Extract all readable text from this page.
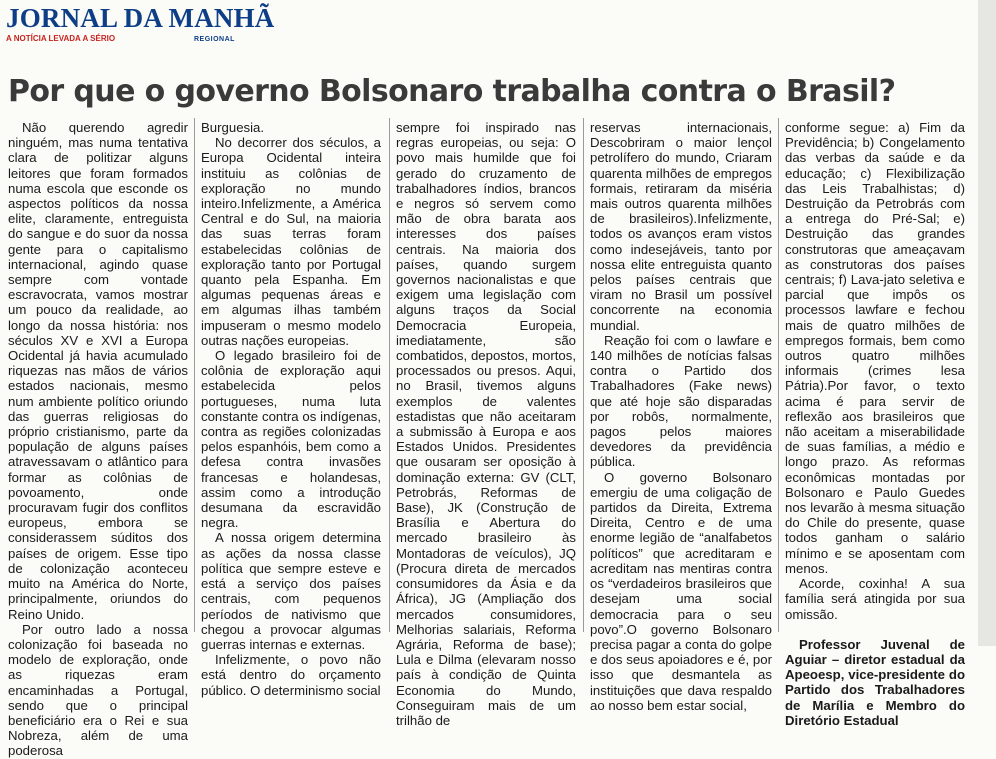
JORNAL DA MANHÃ
A NOTÍCIA LEVADA A SÉRIO	REGIONAL
Por que o governo Bolsonaro trabalha contra o Brasil?

Não querendo agredir ninguém, mas numa tentativa clara de politizar alguns leitores que foram formados numa escola que esconde os aspectos políticos da nossa elite, claramente, entreguista do sangue e do suor da nossa gente para o capitalismo internacional, agindo quase sempre com vontade escravocrata, vamos mostrar um pouco da realidade, ao longo da nossa história: nos séculos XV e XVI a Europa Ocidental já havia acumulado riquezas nas mãos de vários estados nacionais, mesmo num ambiente político oriundo das guerras religiosas do próprio cristianismo, parte da população de alguns países atravessavam o atlântico para formar as colônias de povoamento, onde procuravam fugir dos conflitos europeus, embora se considerassem súditos dos países de origem. Esse tipo de colonização aconteceu muito na América do Norte, principalmente, oriundos do Reino Unido.

Por outro lado a nossa colonização foi baseada no modelo de exploração, onde as riquezas eram encaminhadas a Portugal, sendo que o principal beneficiário era o Rei e sua Nobreza, além de uma poderosa

Burguesia.

No decorrer dos séculos, a Europa Ocidental inteira instituiu as colônias de exploração no mundo inteiro.Infelizmente, a América Central e do Sul, na maioria das suas terras foram estabelecidas colônias de exploração tanto por Portugal quanto pela Espanha. Em algumas pequenas áreas e em algumas ilhas também impuseram o mesmo modelo outras nações europeias.

O legado brasileiro foi de colônia de exploração aqui estabelecida pelos portugueses, numa luta constante contra os indígenas, contra as regiões colonizadas pelos espanhóis, bem como a defesa contra invasões francesas e holandesas, assim como a introdução desumana da escravidão negra.

A nossa origem determina as ações da nossa classe política que sempre esteve e está a serviço dos países centrais, com pequenos períodos de nativismo que chegou a provocar algumas guerras internas e externas.

Infelizmente, o povo não está dentro do orçamento público. O determinismo social

sempre foi inspirado nas regras europeias, ou seja: O povo mais humilde que foi gerado do cruzamento de trabalhadores índios, brancos e negros só servem como mão de obra barata aos interesses dos países centrais. Na maioria dos países, quando surgem governos nacionalistas e que exigem uma legislação com alguns traços da Social Democracia Europeia, imediatamente, são combatidos, depostos, mortos, processados ou presos. Aqui, no Brasil, tivemos alguns exemplos de valentes estadistas que não aceitaram a submissão à Europa e aos Estados Unidos. Presidentes que ousaram ser oposição à dominação externa: GV (CLT, Petrobrás, Reformas de Base), JK (Construção de Brasília e Abertura do mercado brasileiro às Montadoras de veículos), JQ (Procura direta de mercados consumidores da Ásia e da África), JG (Ampliação dos mercados consumidores, Melhorias salariais, Reforma Agrária, Reforma de base); Lula e Dilma (elevaram nosso país à condição de Quinta Economia do Mundo, Conseguiram mais de um trilhão de

reservas internacionais, Descobriram o maior lençol petrolífero do mundo, Criaram quarenta milhões de empregos formais, retiraram da miséria mais outros quarenta milhões de brasileiros).Infelizmente, todos os avanços eram vistos como indesejáveis, tanto por nossa elite entreguista quanto pelos países centrais que viram no Brasil um possível concorrente na economia mundial.

Reação foi com o lawfare e 140 milhões de notícias falsas contra o Partido dos Trabalhadores (Fake news) que até hoje são disparadas por robôs, normalmente, pagos pelos maiores devedores da previdência pública.

O governo Bolsonaro emergiu de uma coligação de partidos da Direita, Extrema Direita, Centro e de uma enorme legião de “analfabetos políticos” que acreditaram e acreditam nas mentiras contra os “verdadeiros brasileiros que desejam uma social democracia para o seu povo”.O governo Bolsonaro precisa pagar a conta do golpe e dos seus apoiadores e é, por isso que desmantela as instituições que dava respaldo ao nosso bem estar social,

conforme segue: a) Fim da Previdência; b) Congelamento das verbas da saúde e da educação; c) Flexibilização das Leis Trabalhistas; d) Destruição da Petrobrás com a entrega do Pré-Sal; e) Destruição das grandes construtoras que ameaçavam as construtoras dos países centrais; f) Lava-jato seletiva e parcial que impôs os processos lawfare e fechou mais de quatro milhões de empregos formais, bem como outros quatro milhões informais (crimes lesa Pátria).Por favor, o texto acima é para servir de reflexão aos brasileiros que não aceitam a miserabilidade de suas famílias, a médio e longo prazo. As reformas econômicas montadas por Bolsonaro e Paulo Guedes nos levarão à mesma situação do Chile do presente, quase todos ganham o salário mínimo e se aposentam com menos.

Acorde, coxinha! A sua família será atingida por sua omissão.

Professor Juvenal de Aguiar – diretor estadual da Apeoesp, vice-presidente do Partido dos Trabalhadores de Marília e Membro do Diretório Estadual
